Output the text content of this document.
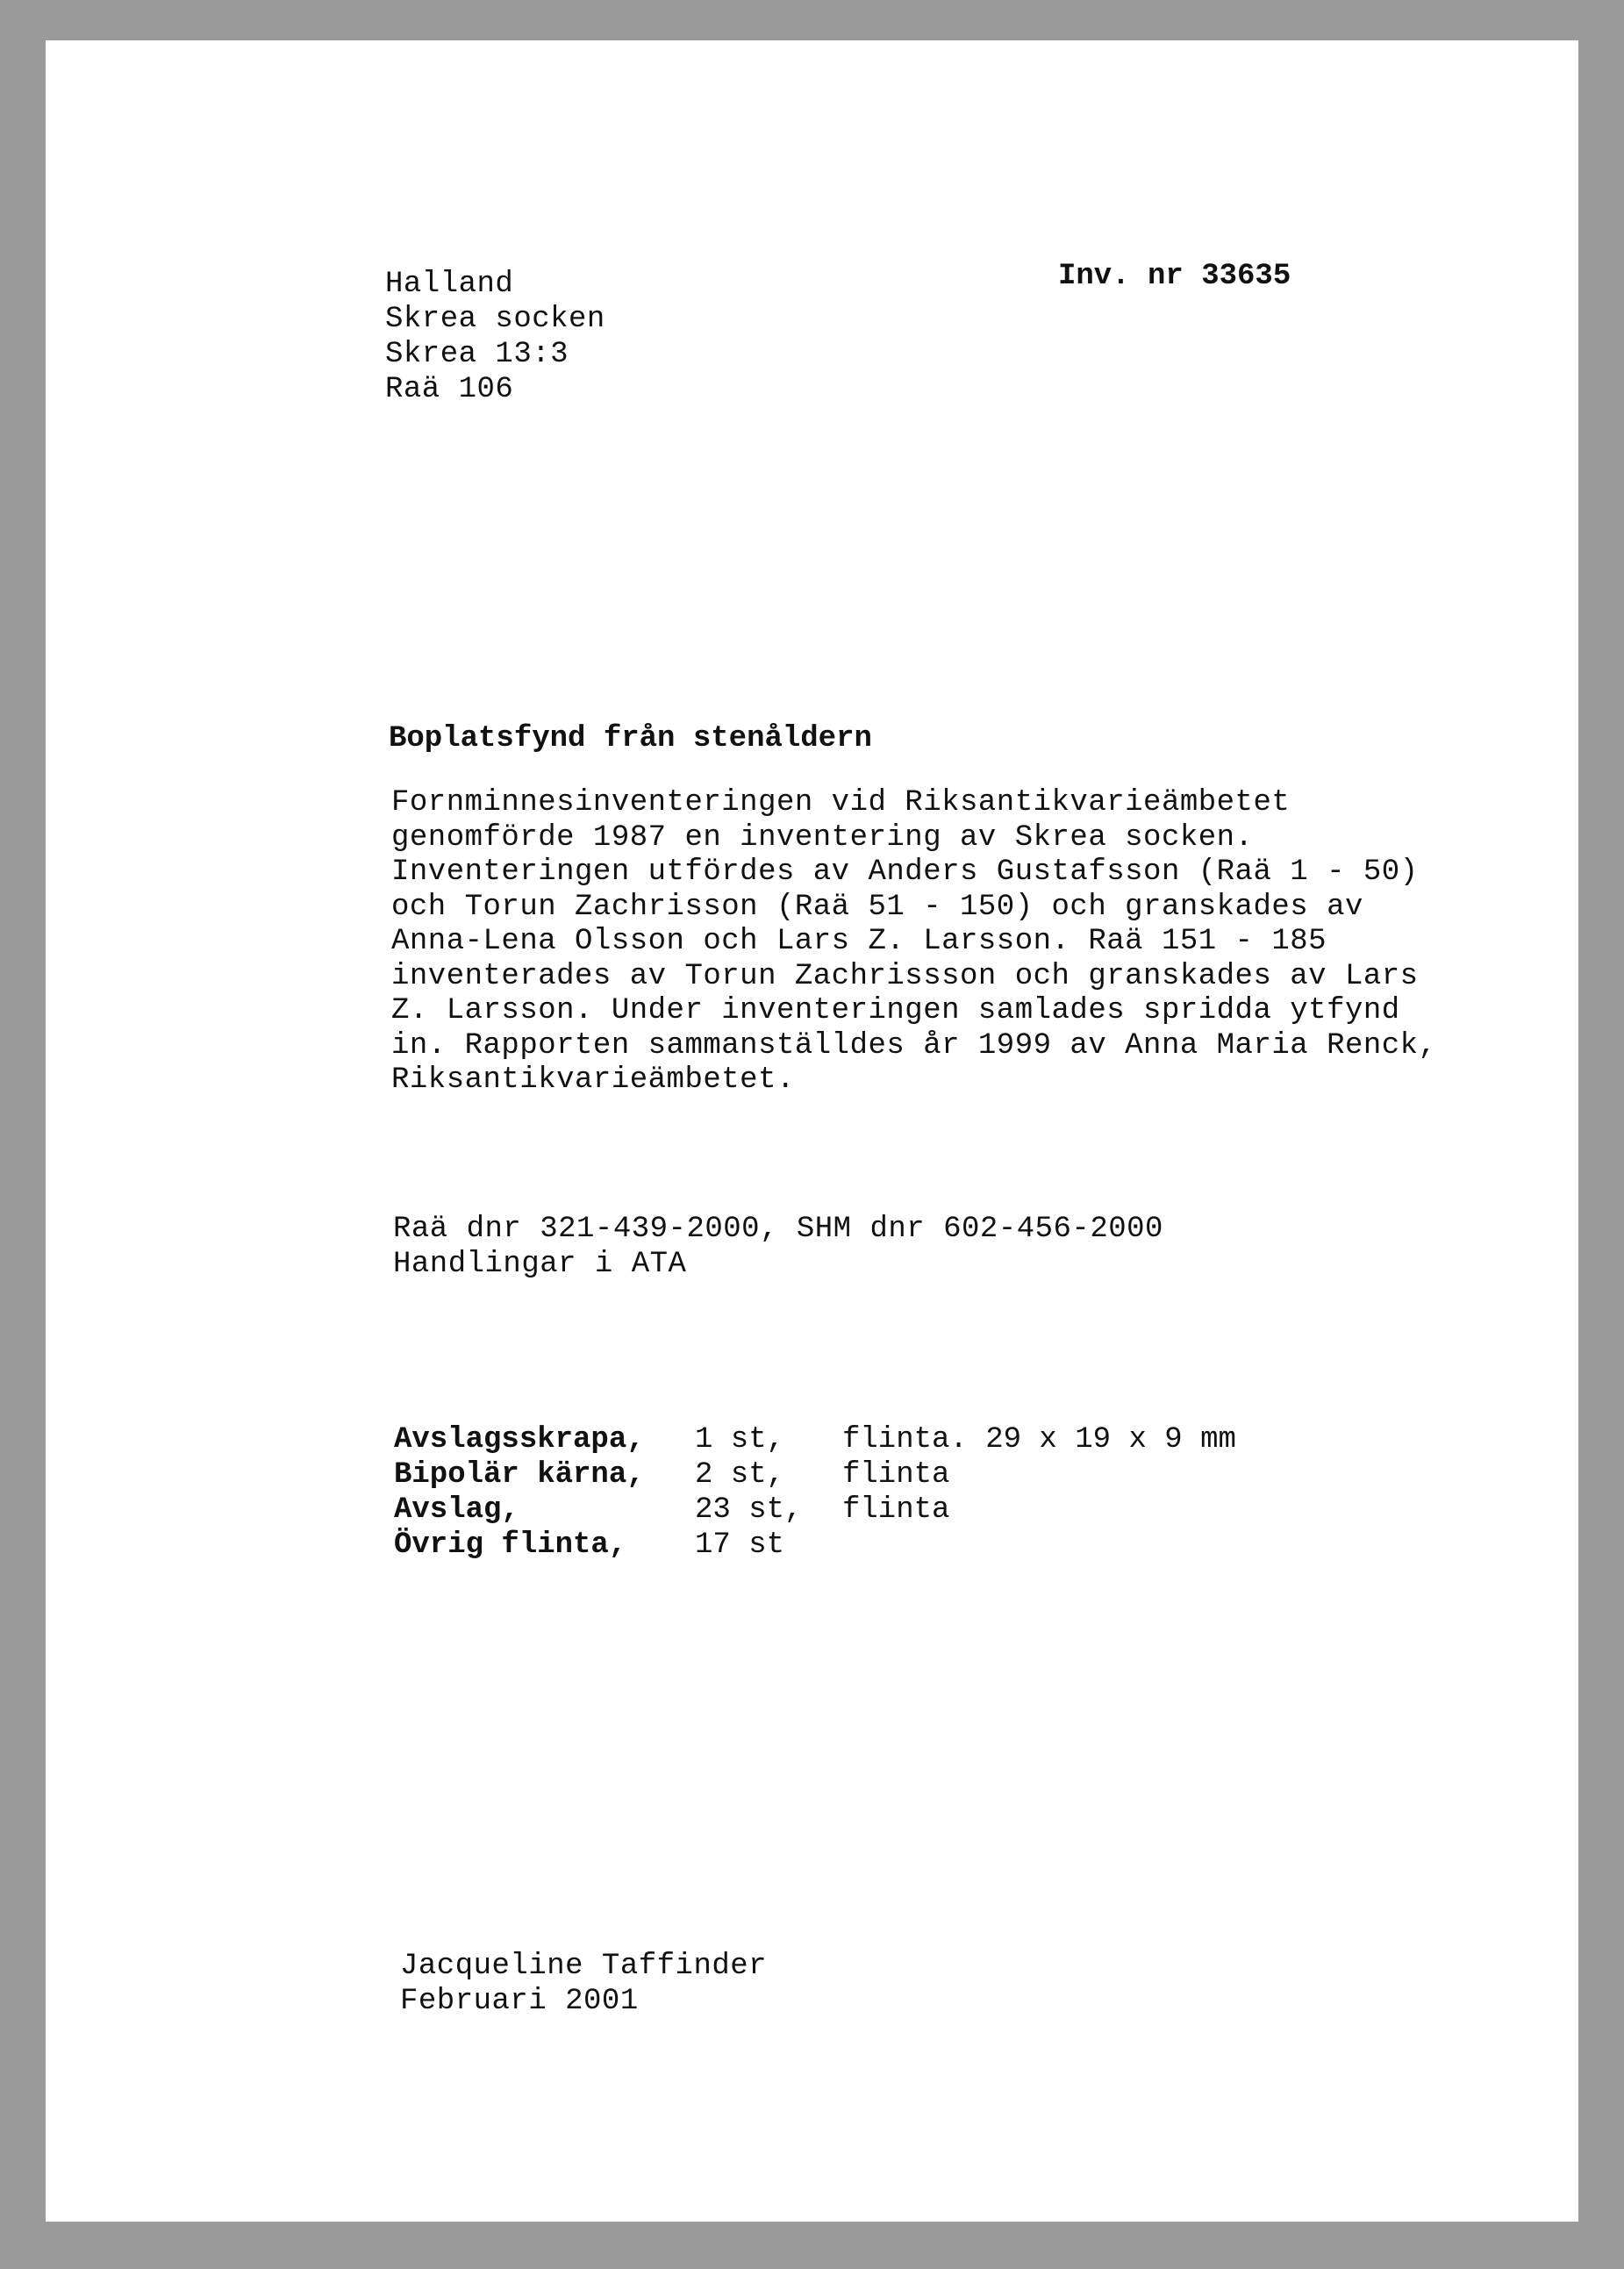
Halland
Skrea socken
Skrea 13:3
Raä 106
Inv. nr 33635
Boplatsfynd från stenåldern
Fornminnesinventeringen vid Riksantikvarieämbetet
genomförde 1987 en inventering av Skrea socken.
Inventeringen utfördes av Anders Gustafsson (Raä 1 - 50)
och Torun Zachrisson (Raä 51 - 150) och granskades av
Anna-Lena Olsson och Lars Z. Larsson. Raä 151 - 185
inventerades av Torun Zachrissson och granskades av Lars
Z. Larsson. Under inventeringen samlades spridda ytfynd
in. Rapporten sammanställdes år 1999 av Anna Maria Renck,
Riksantikvarieämbetet.
Raä dnr 321-439-2000, SHM dnr 602-456-2000
Handlingar i ATA
Avslagsskrapa,	1 st,	flinta. 29 x 19 x 9 mm
Bipolär kärna,	2 st,	flinta
Avslag,	23 st,	flinta
Övrig flinta,	17 st	
Jacqueline Taffinder
Februari 2001
